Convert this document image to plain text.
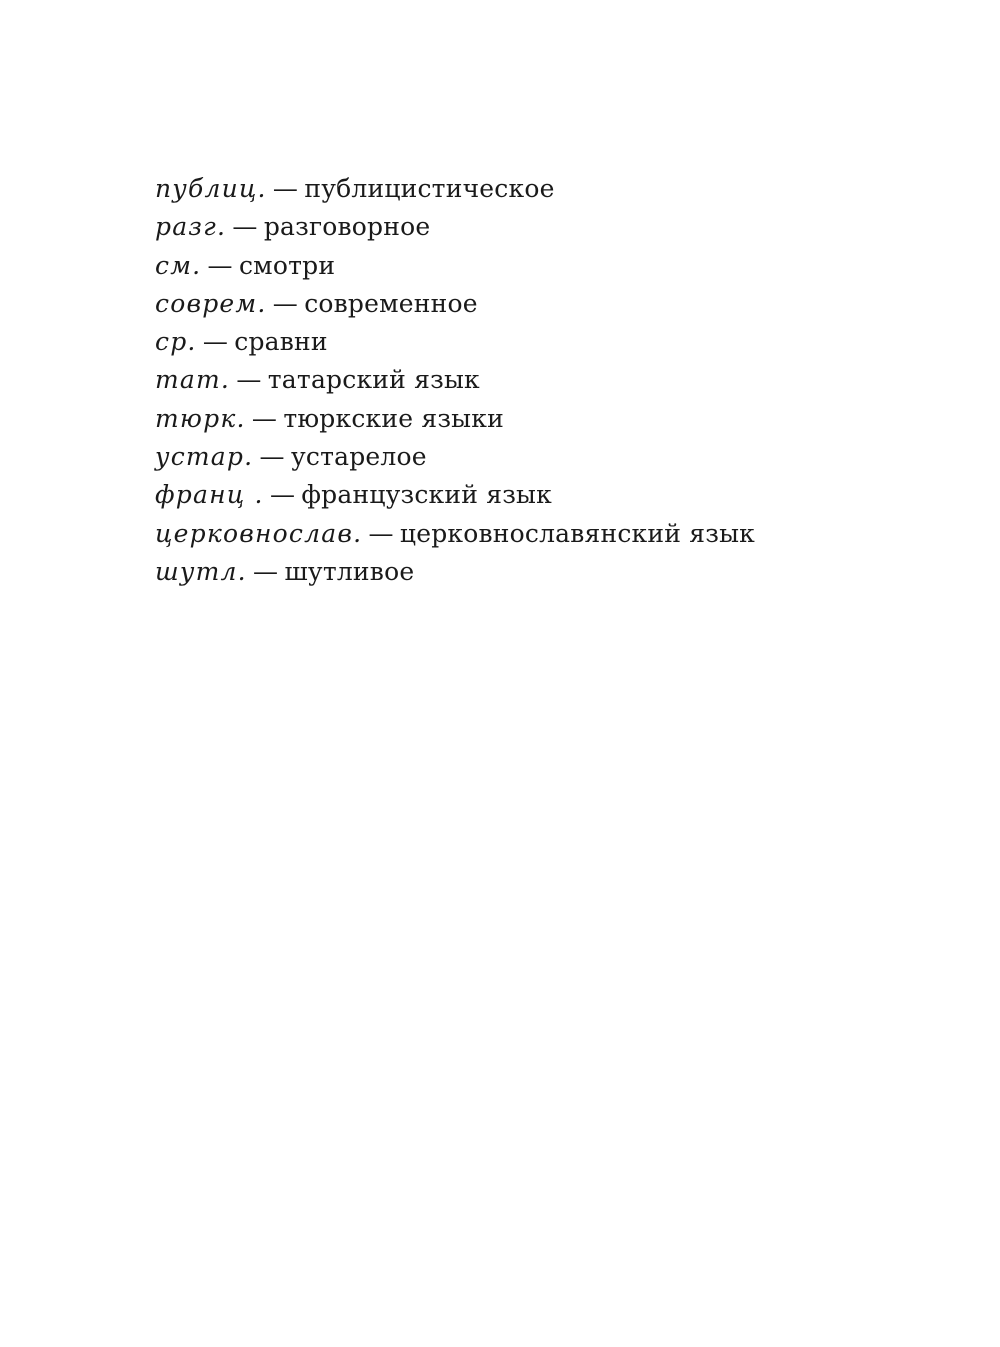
публиц. — публицистическое
разг. — разговорное
см. — смотри
соврем. — современное
ср. — сравни
тат. — татарский язык
тюрк. — тюркские языки
устар. — устарелое
франц . — французский язык
церковнослав. — церковнославянский язык
шутл. — шутливое
